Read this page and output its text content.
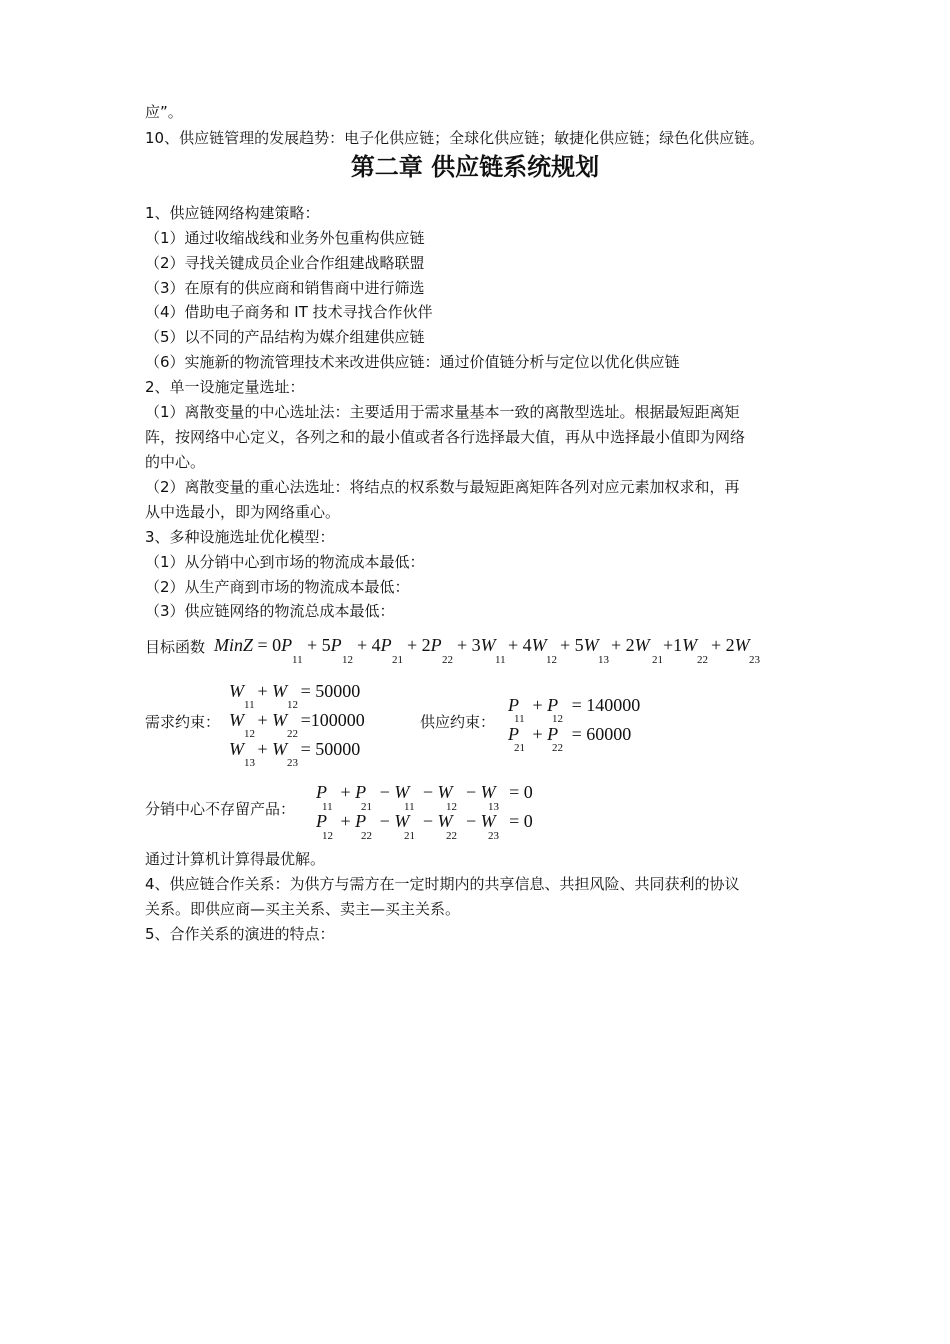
应”。
10、供应链管理的发展趋势：电子化供应链；全球化供应链；敏捷化供应链；绿色化供应链。
第二章 供应链系统规划
1、供应链网络构建策略：
（1）通过收缩战线和业务外包重构供应链
（2）寻找关键成员企业合作组建战略联盟
（3）在原有的供应商和销售商中进行筛选
（4）借助电子商务和 IT 技术寻找合作伙伴
（5）以不同的产品结构为媒介组建供应链
（6）实施新的物流管理技术来改进供应链：通过价值链分析与定位以优化供应链
2、单一设施定量选址：
（1）离散变量的中心选址法：主要适用于需求量基本一致的离散型选址。根据最短距离矩
阵，按网络中心定义，各列之和的最小值或者各行选择最大值，再从中选择最小值即为网络
的中心。
（2）离散变量的重心法选址：将结点的权系数与最短距离矩阵各列对应元素加权求和，再
从中选最小，即为网络重心。
3、多种设施选址优化模型：
（1）从分销中心到市场的物流成本最低：
（2）从生产商到市场的物流成本最低：
（3）供应链网络的物流总成本最低：
目标函数 MinZ = 0P
11
+ 5P
12
+ 4P
21
+ 2P
22
+ 3W
11
+ 4W
12
+ 5W
13
+ 2W
21
+1W
22
+ 2W
23
需求约束：
W   + W   = 50000
11	12
W   + W   =100000
12	22
W   + W   = 50000
13	23
供应约束：
P   + P   = 140000
11 12
P   + P   = 60000
21 22
分销中心不存留产品：
P   + P   − W   − W   − W   = 0
11	21	11	12	13
P   + P   − W   − W   − W   = 0
12	22	21	22	23
通过计算机计算得最优解。
4、供应链合作关系：为供方与需方在一定时期内的共享信息、共担风险、共同获利的协议
关系。即供应商—买主关系、卖主—买主关系。
5、合作关系的演进的特点：
